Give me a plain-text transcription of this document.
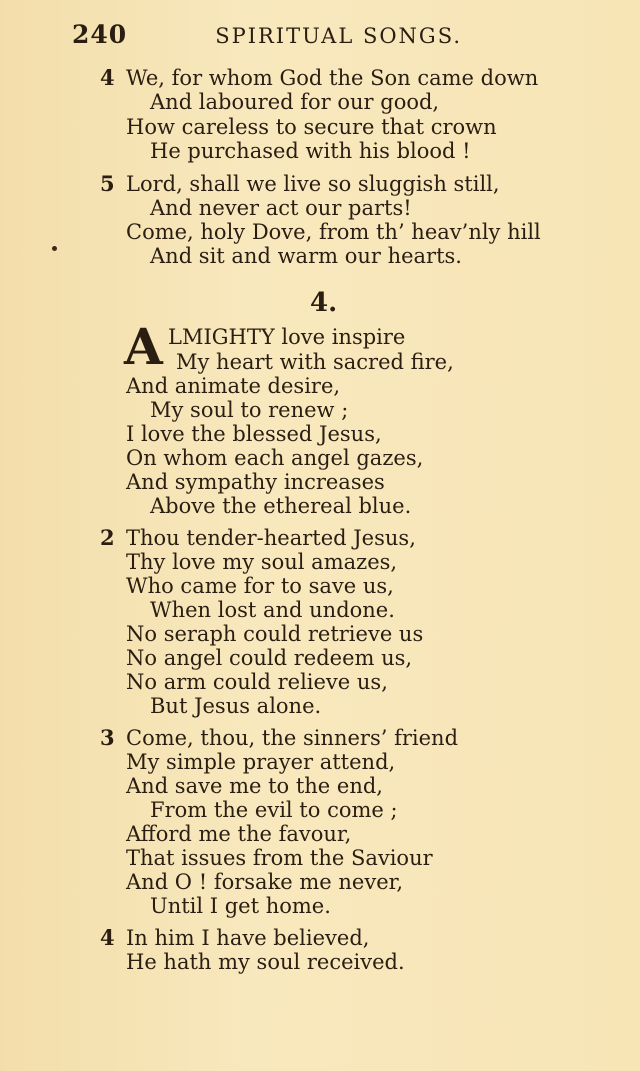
240	SPIRITUAL SONGS.
4 We, for whom God the Son came down
And laboured for our good,
How careless to secure that crown
He purchased with his blood !
5 Lord, shall we live so sluggish still,
And never act our parts!
Come, holy Dove, from th’ heav’nly hill
And sit and warm our hearts.
4.
A LMIGHTY love inspire
My heart with sacred fire,
And animate desire,
My soul to renew ;
I love the blessed Jesus,
On whom each angel gazes,
And sympathy increases
Above the ethereal blue.
2 Thou tender-hearted Jesus,
Thy love my soul amazes,
Who came for to save us,
When lost and undone.
No seraph could retrieve us
No angel could redeem us,
No arm could relieve us,
But Jesus alone.
3 Come, thou, the sinners’ friend
My simple prayer attend,
And save me to the end,
From the evil to come ;
Afford me the favour,
That issues from the Saviour
And O ! forsake me never,
Until I get home.
4 In him I have believed,
He hath my soul received.
